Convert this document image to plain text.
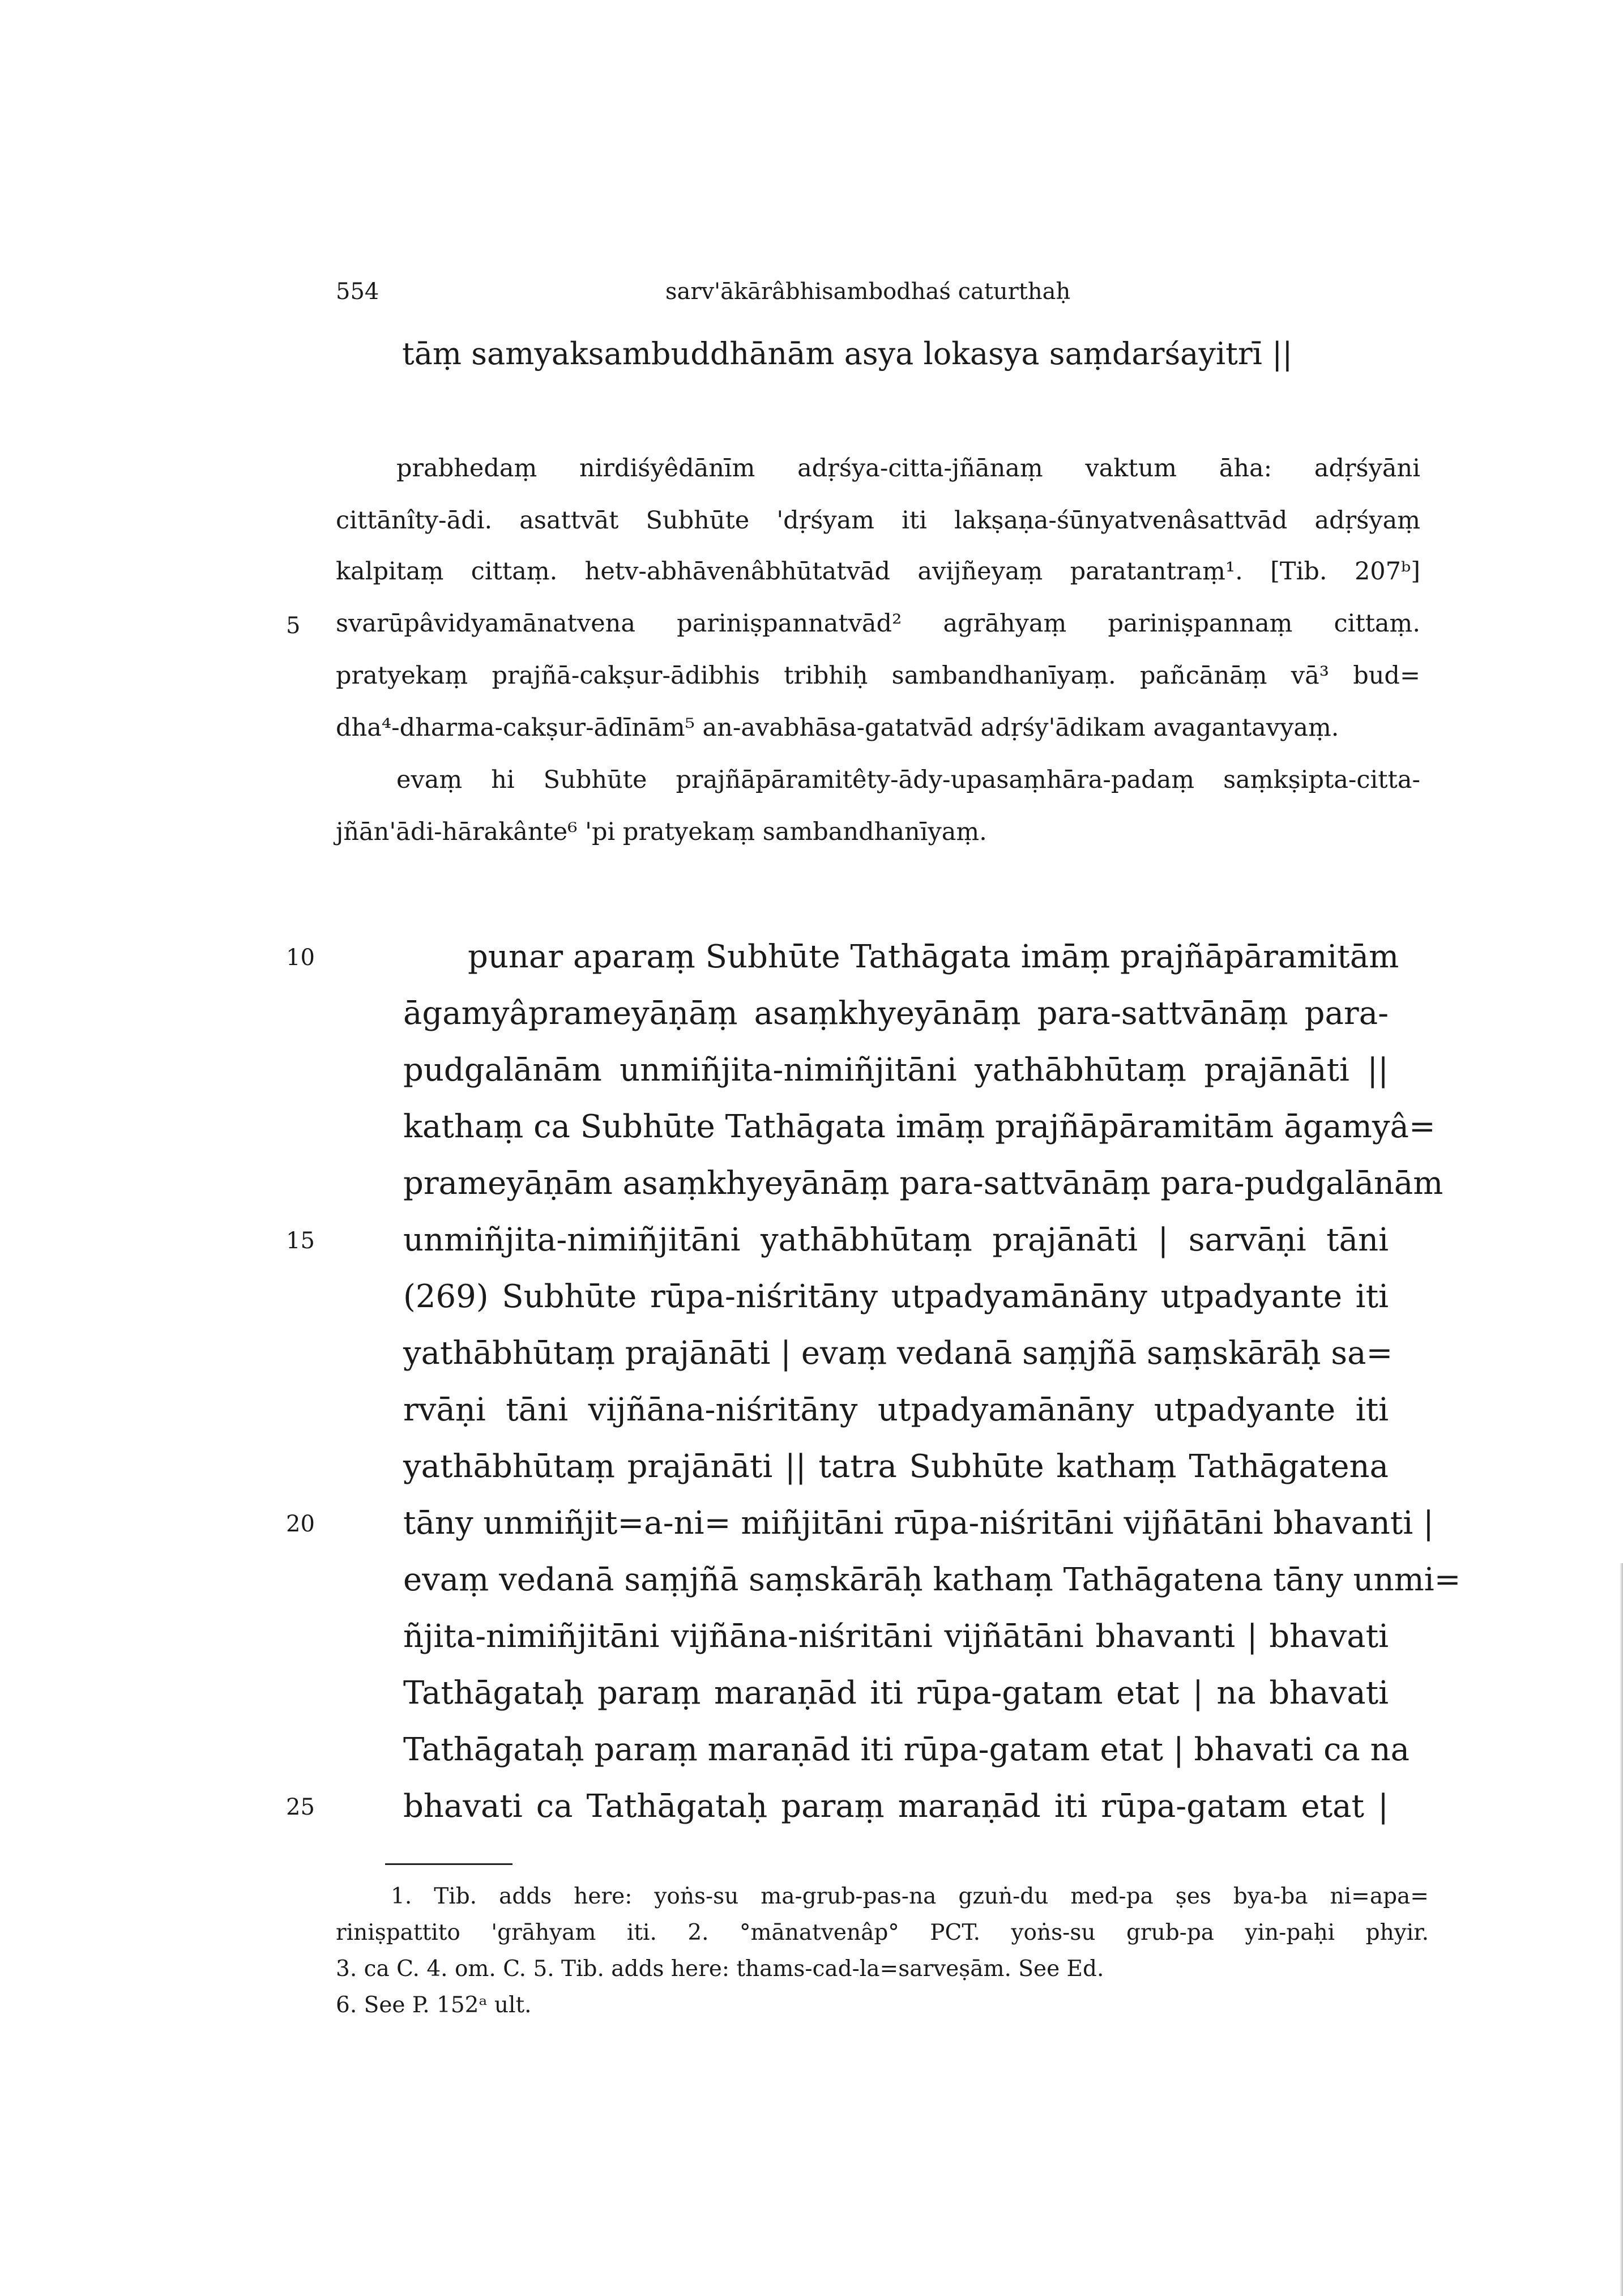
554	sarv'ākārâbhisambodhaś caturthaḥ
tāṃ samyaksambuddhānām asya lokasya saṃdarśayitrī ||
prabhedaṃ nirdiśyêdānīm adṛśya-citta-jñānaṃ vaktum āha: adṛśyāni
cittānîty-ādi. asattvāt Subhūte 'dṛśyam iti lakṣaṇa-śūnyatvenâsattvād adṛśyaṃ
kalpitaṃ cittaṃ. hetv-abhāvenâbhūtatvād avijñeyaṃ paratantraṃ¹. [Tib. 207ᵇ]
svarūpâvidyamānatvena pariniṣpannatvād² agrāhyaṃ pariniṣpannaṃ cittaṃ.
pratyekaṃ prajñā-cakṣur-ādibhis tribhiḥ sambandhanīyaṃ. pañcānāṃ vā³ bud=
dha⁴-dharma-cakṣur-ādīnām⁵ an-avabhāsa-gatatvād adṛśy'ādikam avagantavyaṃ.
evaṃ hi Subhūte prajñāpāramitêty-ādy-upasaṃhāra-padaṃ saṃkṣipta-citta-
jñān'ādi-hārakânte⁶ 'pi pratyekaṃ sambandhanīyaṃ.
punar aparaṃ Subhūte Tathāgata imāṃ prajñāpāramitām
āgamyâprameyāṇāṃ asaṃkhyeyānāṃ para-sattvānāṃ para-
pudgalānām unmiñjita-nimiñjitāni yathābhūtaṃ prajānāti ||
kathaṃ ca Subhūte Tathāgata imāṃ prajñāpāramitām āgamyâ=
prameyāṇām asaṃkhyeyānāṃ para-sattvānāṃ para-pudgalānām
unmiñjita-nimiñjitāni yathābhūtaṃ prajānāti | sarvāṇi tāni
(269) Subhūte rūpa-niśritāny utpadyamānāny utpadyante iti
yathābhūtaṃ prajānāti | evaṃ vedanā saṃjñā saṃskārāḥ sa=
rvāṇi tāni vijñāna-niśritāny utpadyamānāny utpadyante iti
yathābhūtaṃ prajānāti || tatra Subhūte kathaṃ Tathāgatena
tāny unmiñjit=a-ni= miñjitāni rūpa-niśritāni vijñātāni bhavanti |
evaṃ vedanā saṃjñā saṃskārāḥ kathaṃ Tathāgatena tāny unmi=
ñjita-nimiñjitāni vijñāna-niśritāni vijñātāni bhavanti | bhavati
Tathāgataḥ paraṃ maraṇād iti rūpa-gatam etat | na bhavati
Tathāgataḥ paraṃ maraṇād iti rūpa-gatam etat | bhavati ca na
bhavati ca Tathāgataḥ paraṃ maraṇād iti rūpa-gatam etat |
5
10
15
20
25
1. Tib. adds here: yoṅs-su ma-grub-pas-na gzuṅ-du med-pa ṣes bya-ba ni=apa=
riniṣpattito 'grāhyam iti. 2. °mānatvenâp° PCT. yoṅs-su grub-pa yin-paḥi phyir.
3. ca C. 4. om. C. 5. Tib. adds here: thams-cad-la=sarveṣām. See Ed.
6. See P. 152ᵃ ult.
